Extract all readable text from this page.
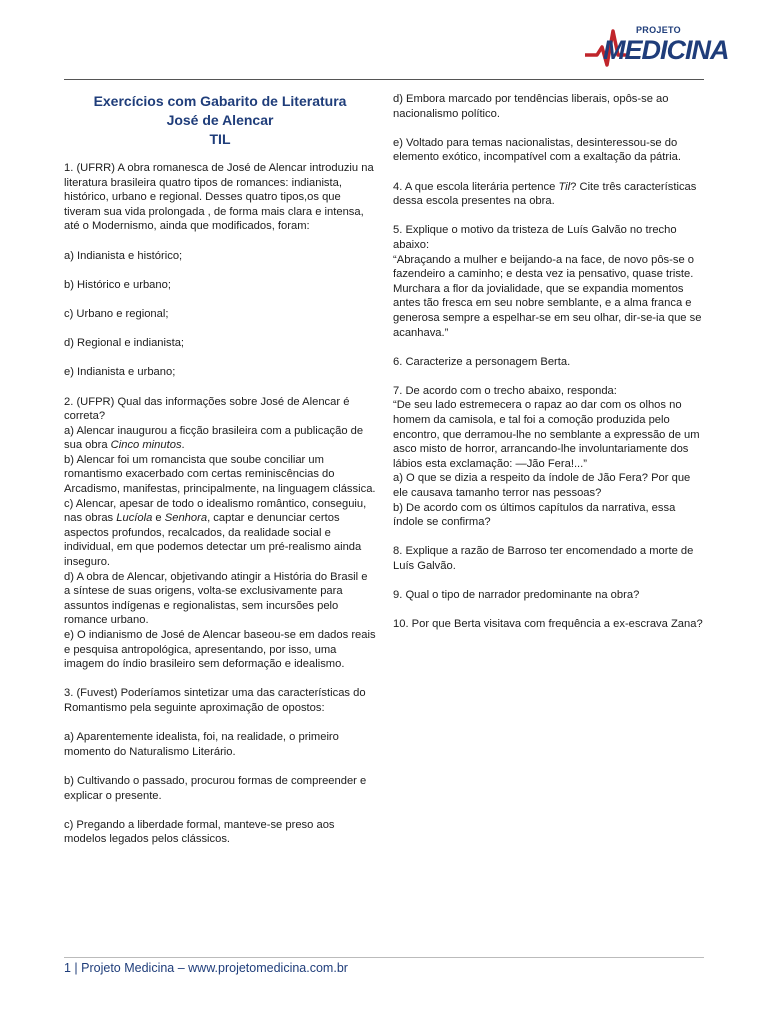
PROJETO
MEDICINA
Exercícios com Gabarito de Literatura
José de Alencar
TIL

1. (UFRR) A obra romanesca de José de Alencar introduziu na literatura brasileira quatro tipos de romances: indianista, histórico, urbano e regional. Desses quatro tipos,os que tiveram sua vida prolongada , de forma mais clara e intensa, até o Modernismo, ainda que modificados, foram:

a) Indianista e histórico;

b) Histórico e urbano;

c) Urbano e regional;

d) Regional e indianista;

e) Indianista e urbano;

2. (UFPR) Qual das informações sobre José de Alencar é correta?

a) Alencar inaugurou a ficção brasileira com a publicação de sua obra Cinco minutos.

b) Alencar foi um romancista que soube conciliar um romantismo exacerbado com certas reminiscências do Arcadismo, manifestas, principalmente, na linguagem clássica.

c) Alencar, apesar de todo o idealismo romântico, conseguiu, nas obras Lucíola e Senhora, captar e denunciar certos aspectos profundos, recalcados, da realidade social e individual, em que podemos detectar um pré-realismo ainda inseguro.

d) A obra de Alencar, objetivando atingir a História do Brasil e a síntese de suas origens, volta-se exclusivamente para assuntos indígenas e regionalistas, sem incursões pelo romance urbano.

e) O indianismo de José de Alencar baseou-se em dados reais e pesquisa antropológica, apresentando, por isso, uma imagem do índio brasileiro sem deformação e idealismo.

3. (Fuvest) Poderíamos sintetizar uma das características do Romantismo pela seguinte aproximação de opostos:

a) Aparentemente idealista, foi, na realidade, o primeiro momento do Naturalismo Literário.

b) Cultivando o passado, procurou formas de compreender e explicar o presente.

c) Pregando a liberdade formal, manteve-se preso aos modelos legados pelos clássicos.

d) Embora marcado por tendências liberais, opôs-se ao nacionalismo político.

e) Voltado para temas nacionalistas, desinteressou-se do elemento exótico, incompatível com a exaltação da pátria.

4. A que escola literária pertence Til? Cite três características dessa escola presentes na obra.

5. Explique o motivo da tristeza de Luís Galvão no trecho abaixo:

“Abraçando a mulher e beijando-a na face, de novo pôs-se o fazendeiro a caminho; e desta vez ia pensativo, quase triste. Murchara a flor da jovialidade, que se expandia momentos antes tão fresca em seu nobre semblante, e a alma franca e generosa sempre a espelhar-se em seu olhar, dir-se-ia que se acanhava.”

6. Caracterize a personagem Berta.

7. De acordo com o trecho abaixo, responda:

“De seu lado estremecera o rapaz ao dar com os olhos no homem da camisola, e tal foi a comoção produzida pelo encontro, que derramou-lhe no semblante a expressão de um asco misto de horror, arrancando-lhe involuntariamente dos lábios esta exclamação: —Jão Fera!...”

a) O que se dizia a respeito da índole de Jão Fera? Por que ele causava tamanho terror nas pessoas?

b) De acordo com os últimos capítulos da narrativa, essa índole se confirma?

8. Explique a razão de Barroso ter encomendado a morte de Luís Galvão.

9. Qual o tipo de narrador predominante na obra?

10. Por que Berta visitava com frequência a ex-escrava Zana?

1 | Projeto Medicina – www.projetomedicina.com.br
